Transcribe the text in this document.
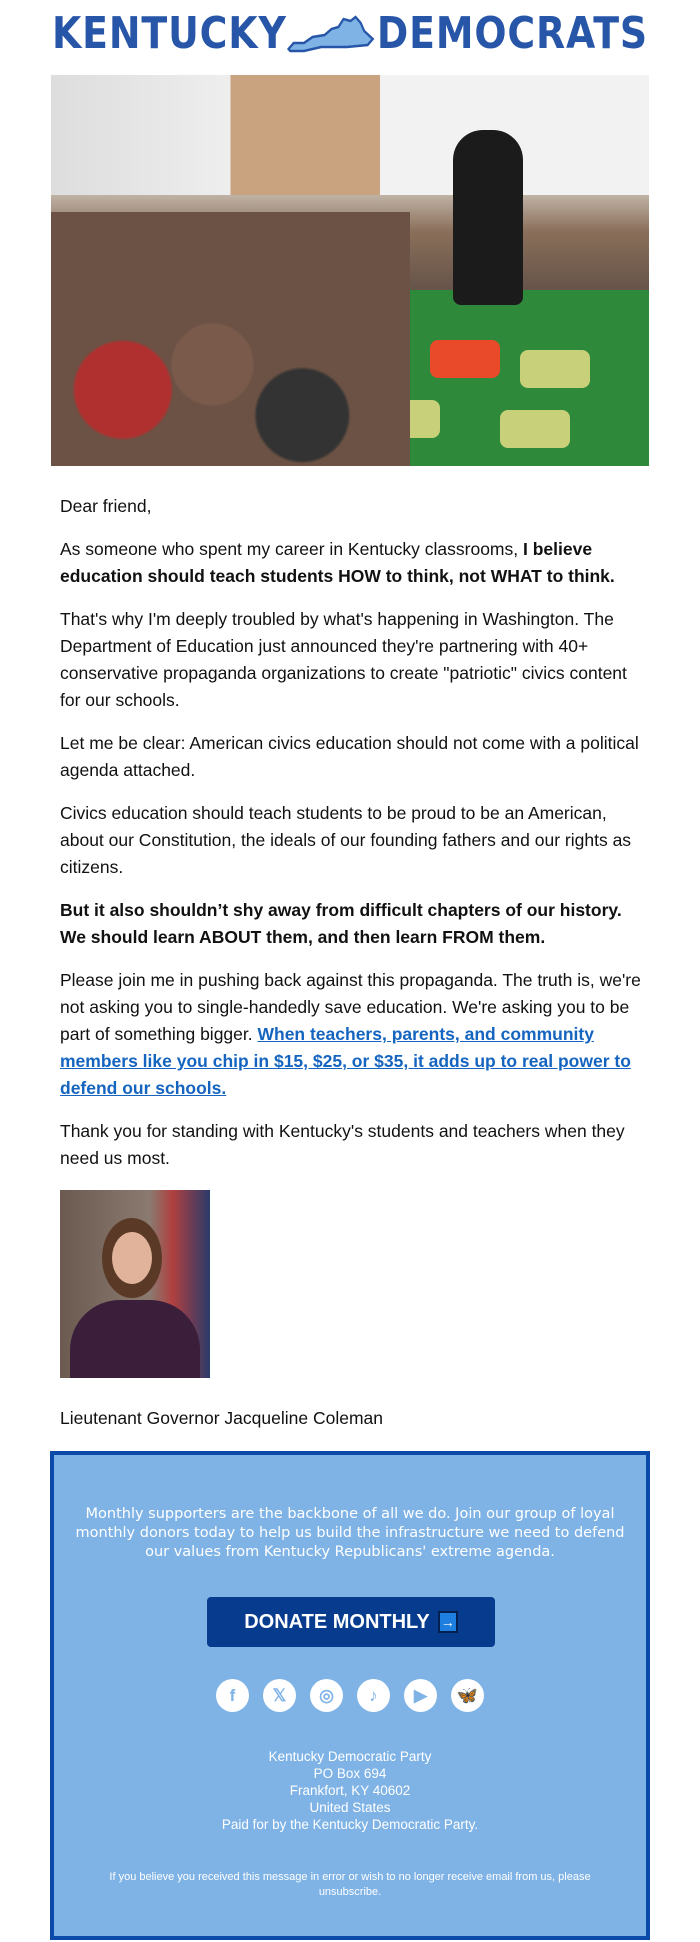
KENTUCKY DEMOCRATS

Dear friend,

As someone who spent my career in Kentucky classrooms, I believe education should teach students HOW to think, not WHAT to think.

That's why I'm deeply troubled by what's happening in Washington. The Department of Education just announced they're partnering with 40+ conservative propaganda organizations to create "patriotic" civics content for our schools.

Let me be clear: American civics education should not come with a political agenda attached.

Civics education should teach students to be proud to be an American, about our Constitution, the ideals of our founding fathers and our rights as citizens.

But it also shouldn’t shy away from difficult chapters of our history. We should learn ABOUT them, and then learn FROM them.

Please join me in pushing back against this propaganda. The truth is, we're not asking you to single-handedly save education. We're asking you to be part of something bigger. When teachers, parents, and community members like you chip in $15, $25, or $35, it adds up to real power to defend our schools.

Thank you for standing with Kentucky's students and teachers when they need us most.

Lieutenant Governor Jacqueline Coleman
Monthly supporters are the backbone of all we do. Join our group of loyal monthly donors today to help us build the infrastructure we need to defend our values from Kentucky Republicans' extreme agenda.
DONATE MONTHLY →
f	𝕏	◎	♪	▶	🦋
Kentucky Democratic Party
PO Box 694
Frankfort, KY 40602
United States
Paid for by the Kentucky Democratic Party.
If you believe you received this message in error or wish to no longer receive email from us, please unsubscribe.
